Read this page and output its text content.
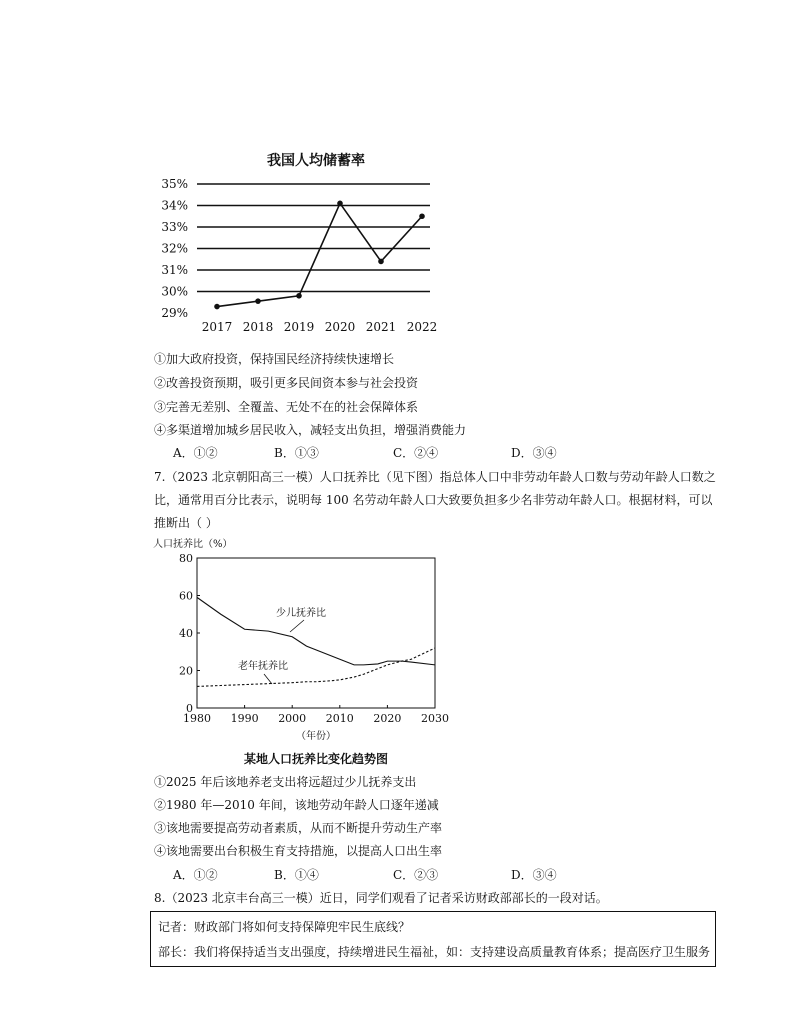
我国人均储蓄率
35%
34%
33%
32%
31%
30%
29%
2017 2018 2019 2020 2021 2022
①加大政府投资，保持国民经济持续快速增长
②改善投资预期，吸引更多民间资本参与社会投资
③完善无差别、全覆盖、无处不在的社会保障体系
④多渠道增加城乡居民收入，减轻支出负担，增强消费能力
A．①②	B．①③	C．②④	D．③④
7.（2023 北京朝阳高三一模）人口抚养比（见下图）指总体人口中非劳动年龄人口数与劳动年龄人口数之
比，通常用百分比表示，说明每 100 名劳动年龄人口大致要负担多少名非劳动年龄人口。根据材料，可以
推断出（ ）
人口抚养比（%）
80
60
40
20
0
1980 1990 2000 2010 2020 2030
少儿抚养比
老年抚养比
（年份）
某地人口抚养比变化趋势图
①2025 年后该地养老支出将远超过少儿抚养支出
②1980 年—2010 年间，该地劳动年龄人口逐年递减
③该地需要提高劳动者素质，从而不断提升劳动生产率
④该地需要出台积极生育支持措施，以提高人口出生率
A．①②	B．①④	C．②③	D．③④
8.（2023 北京丰台高三一模）近日，同学们观看了记者采访财政部部长的一段对话。
记者：财政部门将如何支持保障兜牢民生底线？
部长：我们将保持适当支出强度，持续增进民生福祉，如：支持建设高质量教育体系；提高医疗卫生服务
